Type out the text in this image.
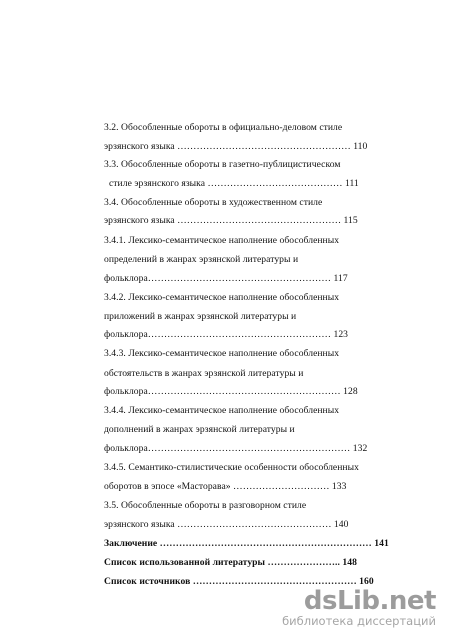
3.2. Обособленные обороты в официально-деловом стиле
эрзянского языка ……………………………………………… 110
3.3. Обособленные обороты в газетно-публицистическом
стиле эрзянского языка …………………………………… 111
3.4. Обособленные обороты в художественном стиле
эрзянского языка …………………………………………… 115
3.4.1. Лексико-семантическое наполнение обособленных
определений в жанрах эрзянской литературы и
фольклора………………………………………………… 117
3.4.2. Лексико-семантическое наполнение обособленных
приложений в жанрах эрзянской литературы и
фольклора………………………………………………… 123
3.4.3. Лексико-семантическое наполнение обособленных
обстоятельств в жанрах эрзянской литературы и
фольклора…………………………………………………… 128
3.4.4. Лексико-семантическое наполнение обособленных
дополнений в жанрах эрзянской литературы и
фольклора……………………………………………………… 132
3.4.5. Семантико-стилистические особенности обособленных
оборотов в эпосе «Масторава» ………………………… 133
3.5. Обособленные обороты в разговорном стиле
эрзянского языка ………………………………………… 140
Заключение ………………………………………………………… 141
Список использованной литературы ………………….. 148
Список источников …………………………………………… 160
dsLib.net
библиотека диссертаций
